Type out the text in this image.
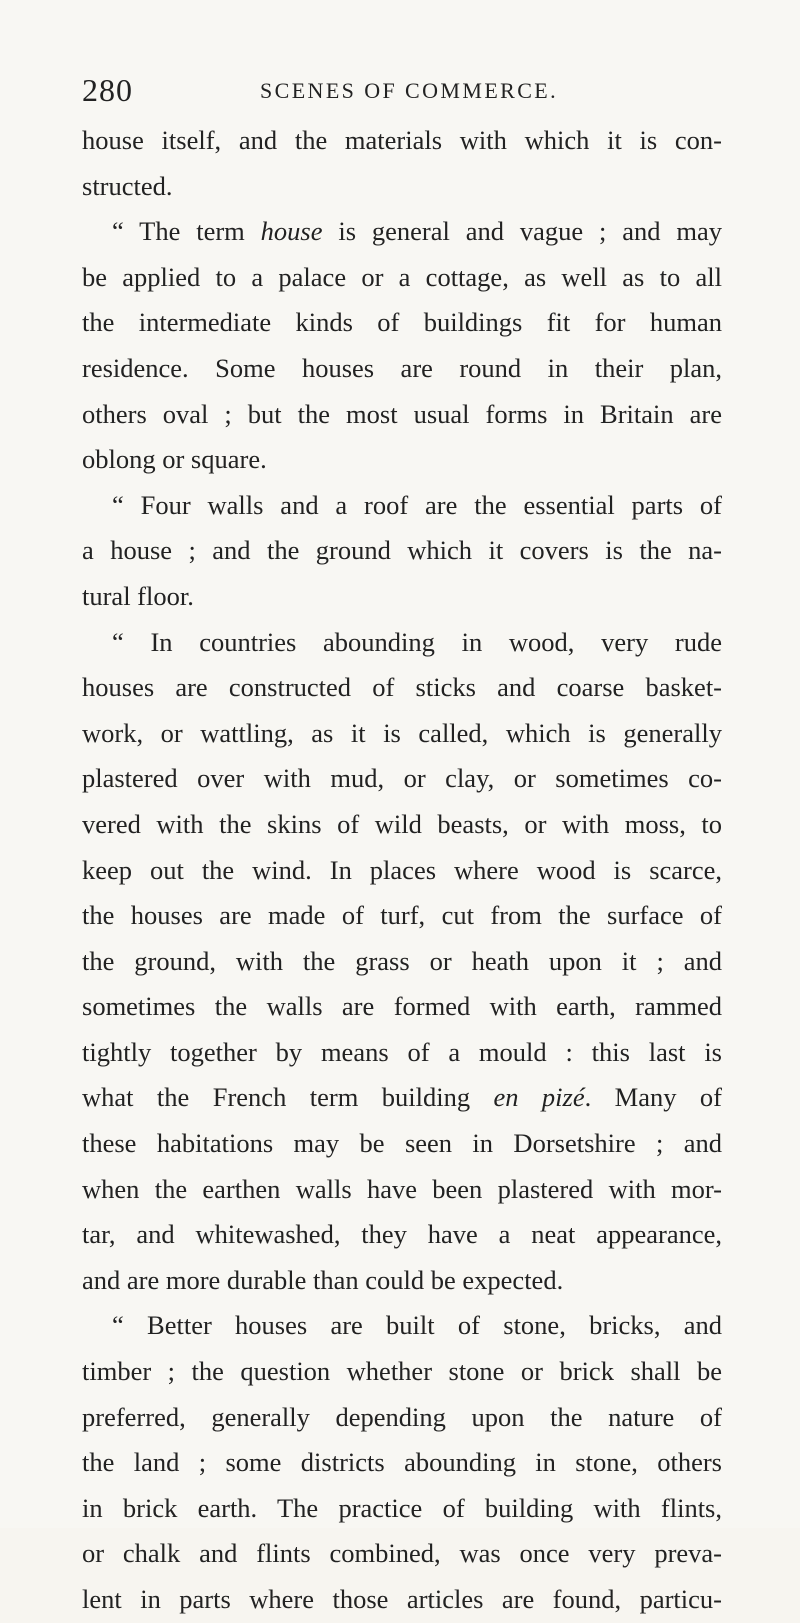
280	SCENES OF COMMERCE.
house itself, and the materials with which it is con-
structed.
“ The term house is general and vague ; and may
be applied to a palace or a cottage, as well as to all
the intermediate kinds of buildings fit for human
residence. Some houses are round in their plan,
others oval ; but the most usual forms in Britain are
oblong or square.
“ Four walls and a roof are the essential parts of
a house ; and the ground which it covers is the na-
tural floor.
“ In countries abounding in wood, very rude
houses are constructed of sticks and coarse basket-
work, or wattling, as it is called, which is generally
plastered over with mud, or clay, or sometimes co-
vered with the skins of wild beasts, or with moss, to
keep out the wind. In places where wood is scarce,
the houses are made of turf, cut from the surface of
the ground, with the grass or heath upon it ; and
sometimes the walls are formed with earth, rammed
tightly together by means of a mould : this last is
what the French term building en pizé. Many of
these habitations may be seen in Dorsetshire ; and
when the earthen walls have been plastered with mor-
tar, and whitewashed, they have a neat appearance,
and are more durable than could be expected.
“ Better houses are built of stone, bricks, and
timber ; the question whether stone or brick shall be
preferred, generally depending upon the nature of
the land ; some districts abounding in stone, others
in brick earth. The practice of building with flints,
or chalk and flints combined, was once very preva-
lent in parts where those articles are found, particu-
